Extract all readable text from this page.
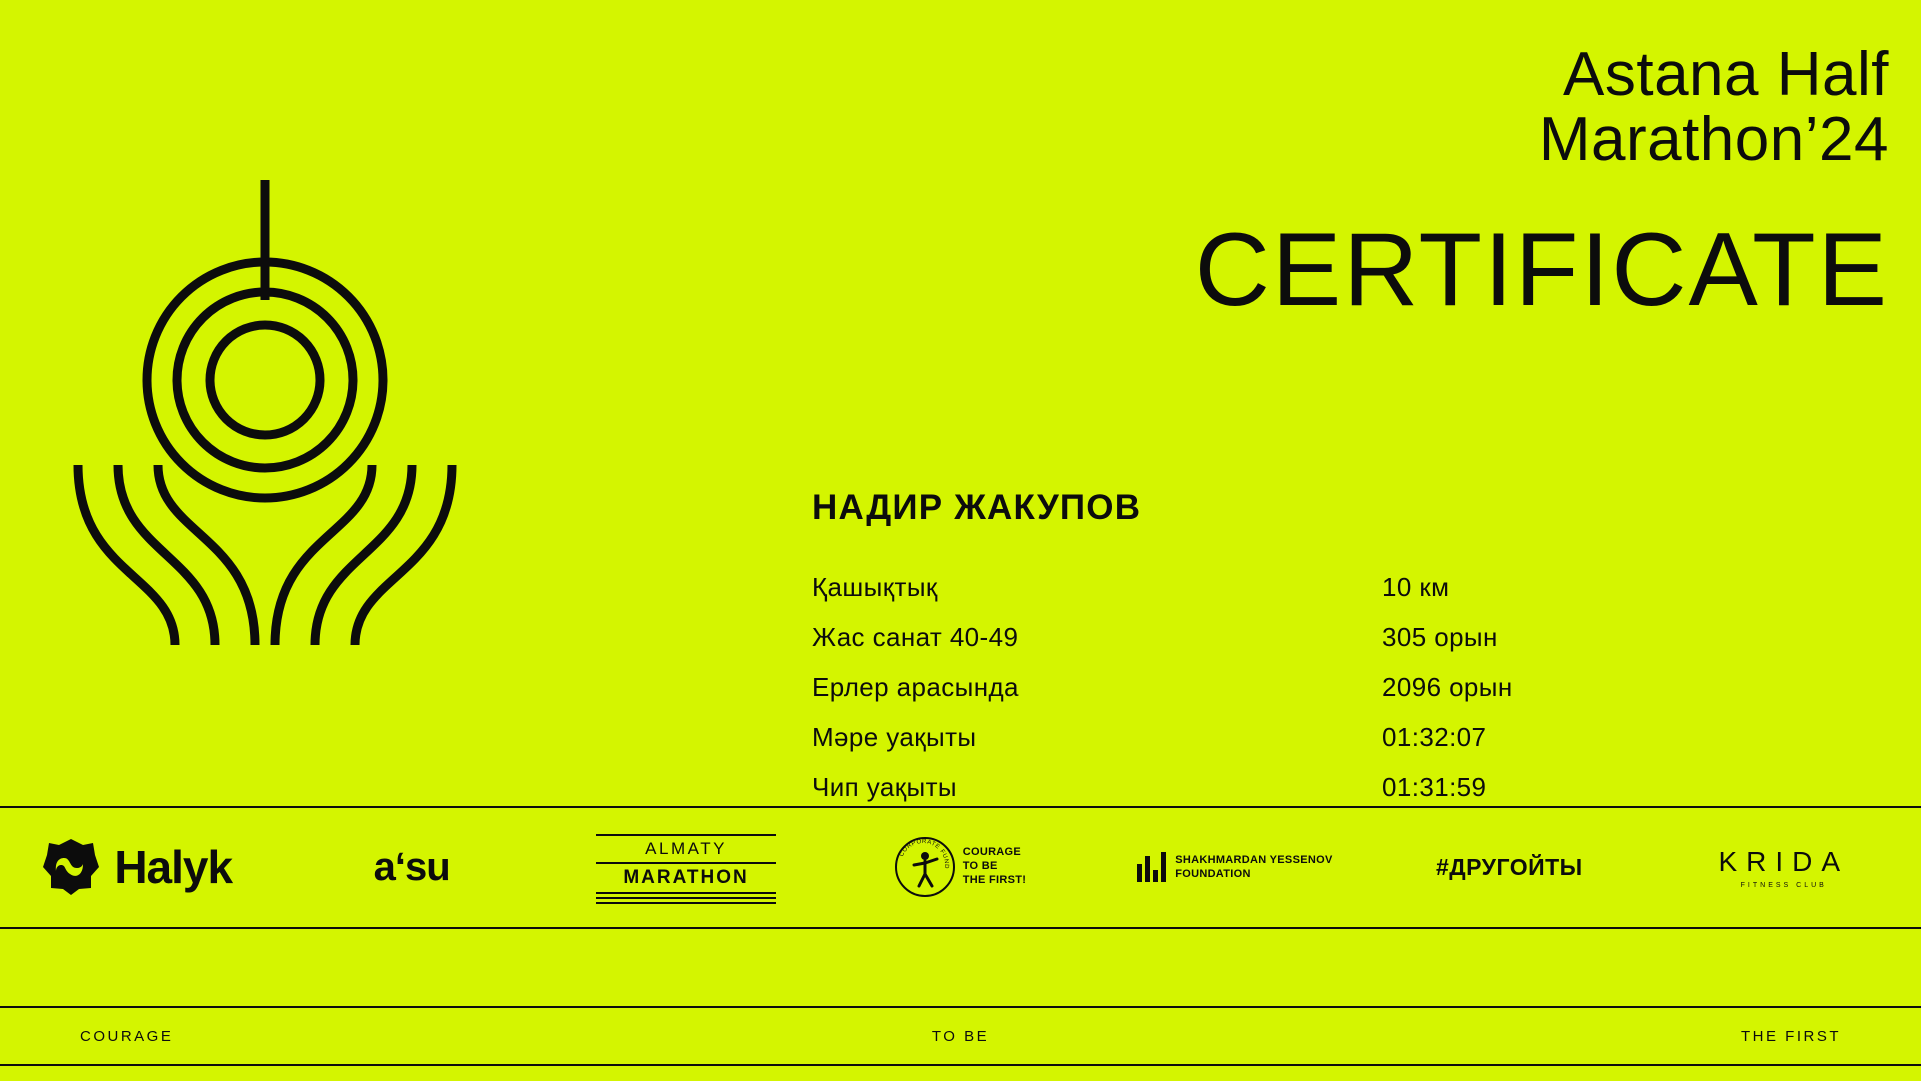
Astana Half
Marathon’24
CERTIFICATE
НАДИР ЖАКУПОВ
Қашықтық	10 км
Жас санат 40-49	305 орын
Ерлер арасында	2096 орын
Мәре уақыты	01:32:07
Чип уақыты	01:31:59
Halyk	a‘su	ALMATY
MARATHON
CORPORATE FUND
COURAGE
TO BE
THE FIRST!
SHAKHMARDAN YESSENOV
FOUNDATION	#ДРУГОЙТЫ	KRIDA
FITNESS CLUB
COURAGE	TO BE	THE FIRST
